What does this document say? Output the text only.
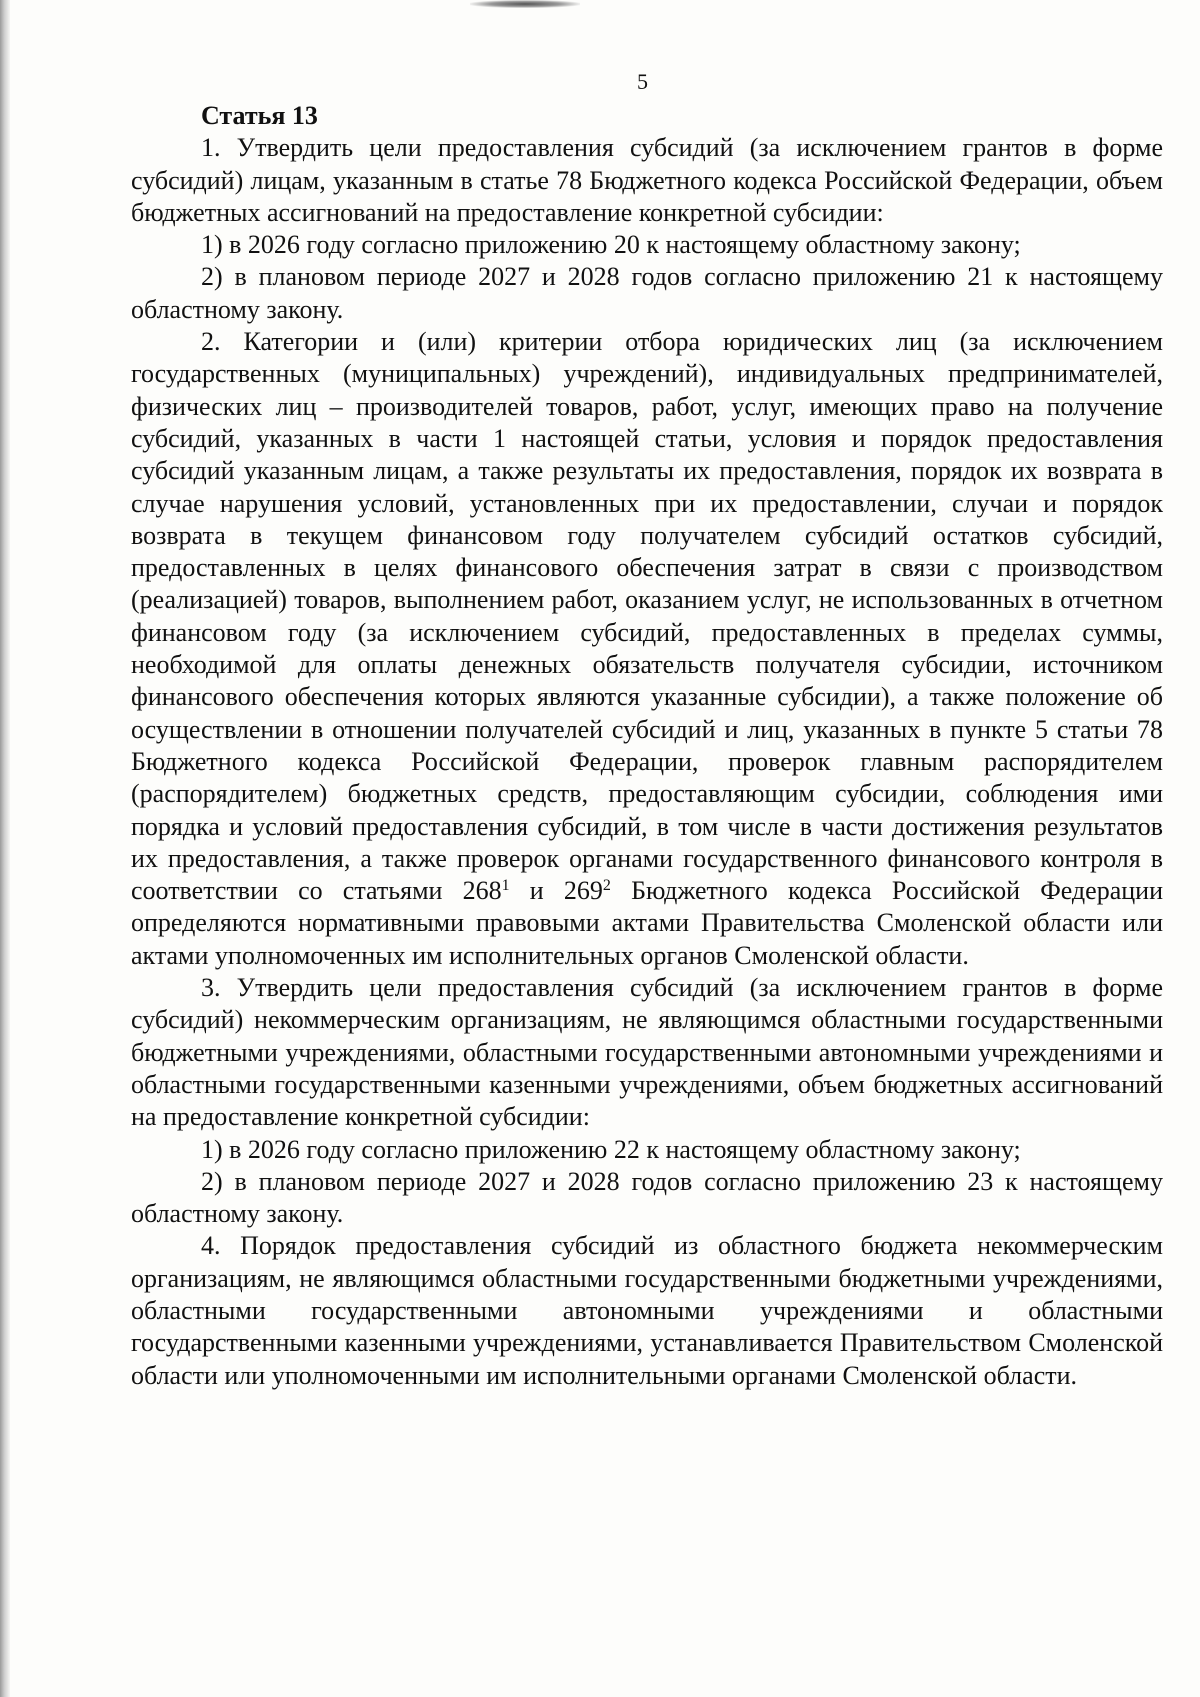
5
Статья 13

1. Утвердить цели предоставления субсидий (за исключением грантов в форме субсидий) лицам, указанным в статье 78 Бюджетного кодекса Российской Федерации, объем бюджетных ассигнований на предоставление конкретной субсидии:

1) в 2026 году согласно приложению 20 к настоящему областному закону;

2) в плановом периоде 2027 и 2028 годов согласно приложению 21 к настоящему областному закону.

2. Категории и (или) критерии отбора юридических лиц (за исключением государственных (муниципальных) учреждений), индивидуальных предпринимателей, физических лиц – производителей товаров, работ, услуг, имеющих право на получение субсидий, указанных в части 1 настоящей статьи, условия и порядок предоставления субсидий указанным лицам, а также результаты их предоставления, порядок их возврата в случае нарушения условий, установленных при их предоставлении, случаи и порядок возврата в текущем финансовом году получателем субсидий остатков субсидий, предоставленных в целях финансового обеспечения затрат в связи с производством (реализацией) товаров, выполнением работ, оказанием услуг, не использованных в отчетном финансовом году (за исключением субсидий, предоставленных в пределах суммы, необходимой для оплаты денежных обязательств получателя субсидии, источником финансового обеспечения которых являются указанные субсидии), а также положение об осуществлении в отношении получателей субсидий и лиц, указанных в пункте 5 статьи 78 Бюджетного кодекса Российской Федерации, проверок главным распорядителем (распорядителем) бюджетных средств, предоставляющим субсидии, соблюдения ими порядка и условий предоставления субсидий, в том числе в части достижения результатов их предоставления, а также проверок органами государственного финансового контроля в соответствии со статьями $268^1$ и $269^2$ Бюджетного кодекса Российской Федерации определяются нормативными правовыми актами Правительства Смоленской области или актами уполномоченных им исполнительных органов Смоленской области.

3. Утвердить цели предоставления субсидий (за исключением грантов в форме субсидий) некоммерческим организациям, не являющимся областными государственными бюджетными учреждениями, областными государственными автономными учреждениями и областными государственными казенными учреждениями, объем бюджетных ассигнований на предоставление конкретной субсидии:

1) в 2026 году согласно приложению 22 к настоящему областному закону;

2) в плановом периоде 2027 и 2028 годов согласно приложению 23 к настоящему областному закону.

4. Порядок предоставления субсидий из областного бюджета некоммерческим организациям, не являющимся областными государственными бюджетными учреждениями, областными государственными автономными учреждениями и областными государственными казенными учреждениями, устанавливается Правительством Смоленской области или уполномоченными им исполнительными органами Смоленской области.
